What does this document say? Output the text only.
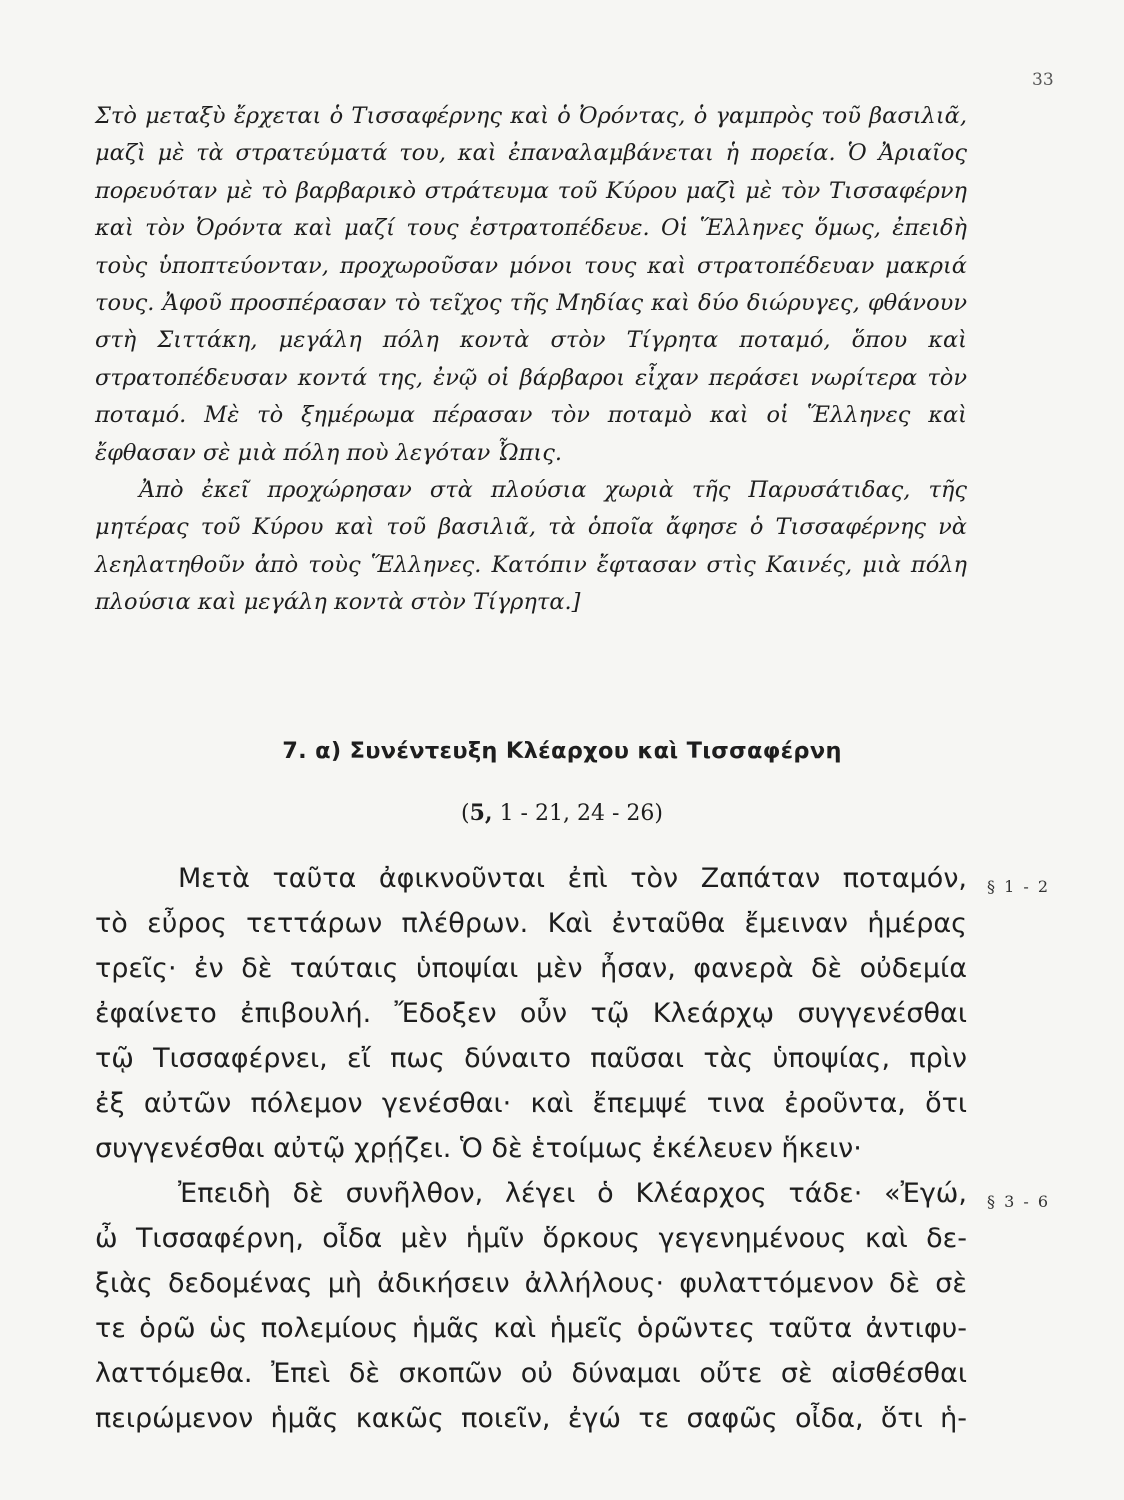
33

Στὸ μεταξὺ ἔρχεται ὁ Τισσαφέρνης καὶ ὁ Ὀρόντας, ὁ γαμπρὸς τοῦ βασιλιᾶ, μαζὶ μὲ τὰ στρατεύματά του, καὶ ἐπαναλαμβάνεται ἡ πορεία. Ὁ Ἀριαῖος πορευόταν μὲ τὸ βαρβαρικὸ στράτευμα τοῦ Κύρου μαζὶ μὲ τὸν Τισσαφέρνη καὶ τὸν Ὀρόντα καὶ μαζί τους ἐστρατοπέδευε. Οἱ Ἕλληνες ὅμως, ἐπειδὴ τοὺς ὑποπτεύονταν, προχωροῦσαν μόνοι τους καὶ στρατοπέδευαν μακριά τους. Ἀφοῦ προσπέρασαν τὸ τεῖχος τῆς Μηδίας καὶ δύο διώρυγες, φθάνουν στὴ Σιττάκη, μεγάλη πόλη κοντὰ στὸν Τίγρητα ποταμό, ὅπου καὶ στρατοπέδευσαν κοντά της, ἐνῷ οἱ βάρβαροι εἶχαν περάσει νωρίτερα τὸν ποταμό. Μὲ τὸ ξημέρωμα πέρασαν τὸν ποταμὸ καὶ οἱ Ἕλληνες καὶ ἔφθασαν σὲ μιὰ πόλη ποὺ λεγόταν Ὦπις.

Ἀπὸ ἐκεῖ προχώρησαν στὰ πλούσια χωριὰ τῆς Παρυσάτιδας, τῆς μητέρας τοῦ Κύρου καὶ τοῦ βασιλιᾶ, τὰ ὁποῖα ἄφησε ὁ Τισσαφέρνης νὰ λεηλατηθοῦν ἀπὸ τοὺς Ἕλληνες. Κατόπιν ἔφτασαν στὶς Καινές, μιὰ πόλη πλούσια καὶ μεγάλη κοντὰ στὸν Τίγρητα.]

7. α) Συνέντευξη Κλέαρχου καὶ Τισσαφέρνη
(5, 1 - 21, 24 - 26)
Μετὰ ταῦτα ἀφικνοῦνται ἐπὶ τὸν Ζαπάταν ποταμόν,
τὸ εὖρος τεττάρων πλέθρων. Καὶ ἐνταῦθα ἔμειναν ἡμέρας
τρεῖς· ἐν δὲ ταύταις ὑποψίαι μὲν ἦσαν, φανερὰ δὲ οὐδεμία
ἐφαίνετο ἐπιβουλή. Ἔδοξεν οὖν τῷ Κλεάρχῳ συγγενέσθαι
τῷ Τισσαφέρνει, εἴ πως δύναιτο παῦσαι τὰς ὑποψίας, πρὶν
ἐξ αὐτῶν πόλεμον γενέσθαι· καὶ ἔπεμψέ τινα ἐροῦντα, ὅτι
συγγενέσθαι αὐτῷ χρῄζει. Ὁ δὲ ἑτοίμως ἐκέλευεν ἥκειν·
Ἐπειδὴ δὲ συνῆλθον, λέγει ὁ Κλέαρχος τάδε· «Ἐγώ,
ὦ Τισσαφέρνη, οἶδα μὲν ἡμῖν ὅρκους γεγενημένους καὶ δε-
ξιὰς δεδομένας μὴ ἀδικήσειν ἀλλήλους· φυλαττόμενον δὲ σὲ
τε ὁρῶ ὡς πολεμίους ἡμᾶς καὶ ἡμεῖς ὁρῶντες ταῦτα ἀντιφυ-
λαττόμεθα. Ἐπεὶ δὲ σκοπῶν οὐ δύναμαι οὔτε σὲ αἰσθέσθαι
πειρώμενον ἡμᾶς κακῶς ποιεῖν, ἐγώ τε σαφῶς οἶδα, ὅτι ἡ-
§ 1 - 2
§ 3 - 6
